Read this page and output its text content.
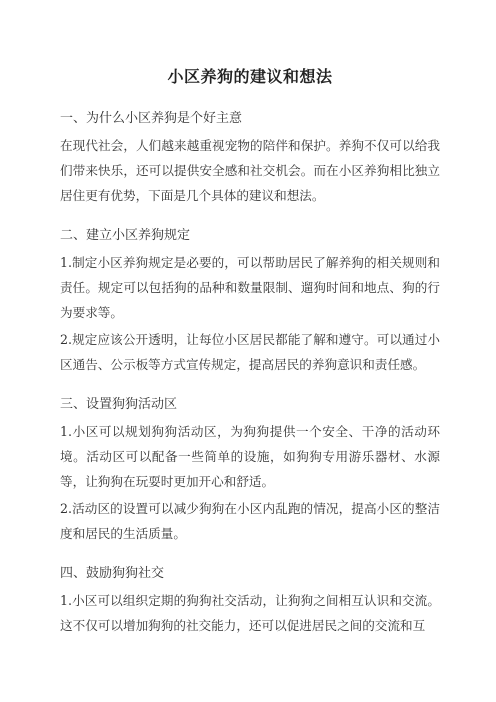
小区养狗的建议和想法
一、为什么小区养狗是个好主意

在现代社会，人们越来越重视宠物的陪伴和保护。养狗不仅可以给我们带来快乐，还可以提供安全感和社交机会。而在小区养狗相比独立居住更有优势，下面是几个具体的建议和想法。

二、建立小区养狗规定

1.制定小区养狗规定是必要的，可以帮助居民了解养狗的相关规则和责任。规定可以包括狗的品种和数量限制、遛狗时间和地点、狗的行为要求等。

2.规定应该公开透明，让每位小区居民都能了解和遵守。可以通过小区通告、公示板等方式宣传规定，提高居民的养狗意识和责任感。

三、设置狗狗活动区

1.小区可以规划狗狗活动区，为狗狗提供一个安全、干净的活动环境。活动区可以配备一些简单的设施，如狗狗专用游乐器材、水源等，让狗狗在玩耍时更加开心和舒适。

2.活动区的设置可以减少狗狗在小区内乱跑的情况，提高小区的整洁度和居民的生活质量。

四、鼓励狗狗社交

1.小区可以组织定期的狗狗社交活动，让狗狗之间相互认识和交流。这不仅可以增加狗狗的社交能力，还可以促进居民之间的交流和互
